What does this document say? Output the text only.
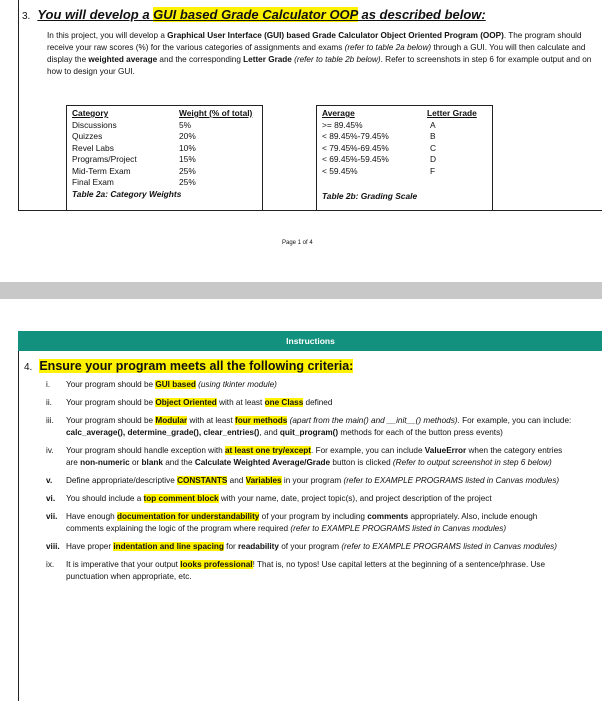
3. You will develop a GUI based Grade Calculator OOP as described below:
In this project, you will develop a Graphical User Interface (GUI) based Grade Calculator Object Oriented Program (OOP). The program should receive your raw scores (%) for the various categories of assignments and exams (refer to table 2a below) through a GUI. You will then calculate and display the weighted average and the corresponding Letter Grade (refer to table 2b below). Refer to screenshots in step 6 for example output and on how to design your GUI.
Category	Weight (% of total)
Discussions	5%
Quizzes	20%
Revel Labs	10%
Programs/Project	15%
Mid-Term Exam	25%
Final Exam	25%
Table 2a: Category Weights
Average	Letter Grade
>= 89.45%	A
< 89.45%-79.45%	B
< 79.45%-69.45%	C
< 69.45%-59.45%	D
< 59.45%	F
Table 2b: Grading Scale
Page 1 of 4
Instructions
4. Ensure your program meets all the following criteria:
i.	Your program should be GUI based (using tkinter module)
ii.	Your program should be Object Oriented with at least one Class defined
iii.	Your program should be Modular with at least four methods (apart from the main() and __init__() methods). For example, you can include: calc_average(), determine_grade(), clear_entries(), and quit_program() methods for each of the button press events)
iv.	Your program should handle exception with at least one try/except. For example, you can include ValueError when the category entries are non-numeric or blank and the Calculate Weighted Average/Grade button is clicked (Refer to output screenshot in step 6 below)
v.	Define appropriate/descriptive CONSTANTS and Variables in your program (refer to EXAMPLE PROGRAMS listed in Canvas modules)
vi.	You should include a top comment block with your name, date, project topic(s), and project description of the project
vii.	Have enough documentation for understandability of your program by including comments appropriately. Also, include enough comments explaining the logic of the program where required (refer to EXAMPLE PROGRAMS listed in Canvas modules)
viii. Have proper indentation and line spacing for readability of your program (refer to EXAMPLE PROGRAMS listed in Canvas modules)
ix.	It is imperative that your output looks professional! That is, no typos! Use capital letters at the beginning of a sentence/phrase. Use punctuation when appropriate, etc.
